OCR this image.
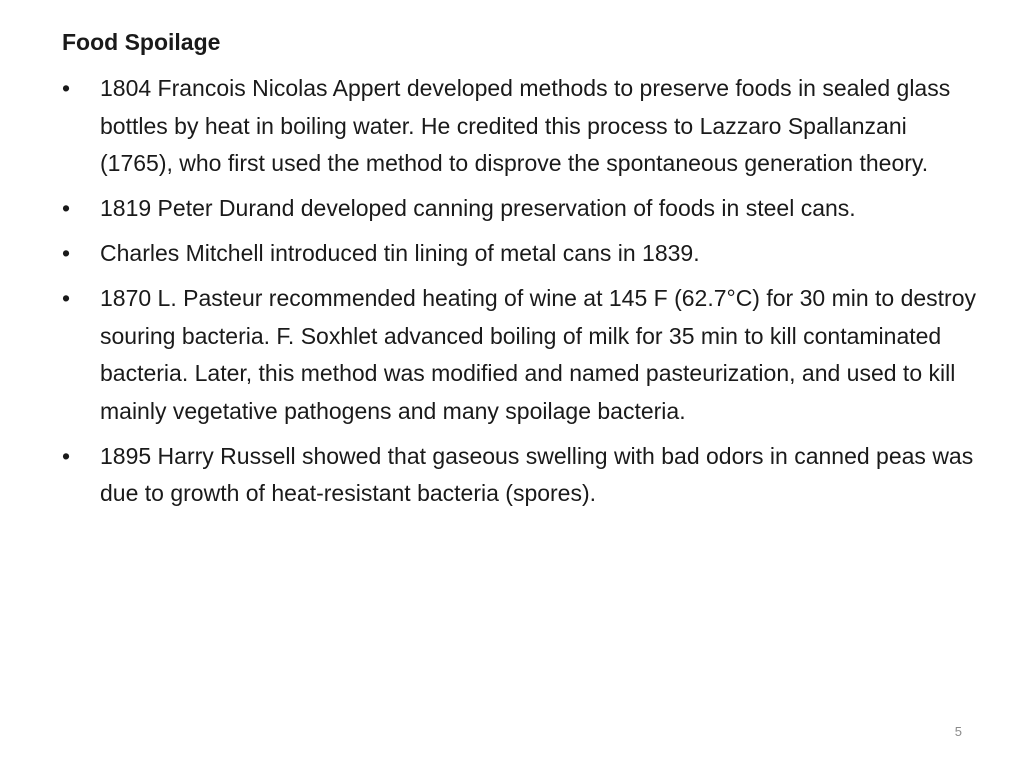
Food Spoilage
•	1804 Francois Nicolas Appert developed methods to preserve foods in sealed glass bottles by heat in boiling water. He credited this process to Lazzaro Spallanzani (1765), who first used the method to disprove the spontaneous generation theory.
•	1819 Peter Durand developed canning preservation of foods in steel cans.
•	Charles Mitchell introduced tin lining of metal cans in 1839.
•	1870 L. Pasteur recommended heating of wine at 145 F (62.7°C) for 30 min to destroy souring bacteria. F. Soxhlet advanced boiling of milk for 35 min to kill contaminated bacteria. Later, this method was modified and named pasteurization, and used to kill mainly vegetative pathogens and many spoilage bacteria.
•	1895 Harry Russell showed that gaseous swelling with bad odors in canned peas was due to growth of heat-resistant bacteria (spores).
5
